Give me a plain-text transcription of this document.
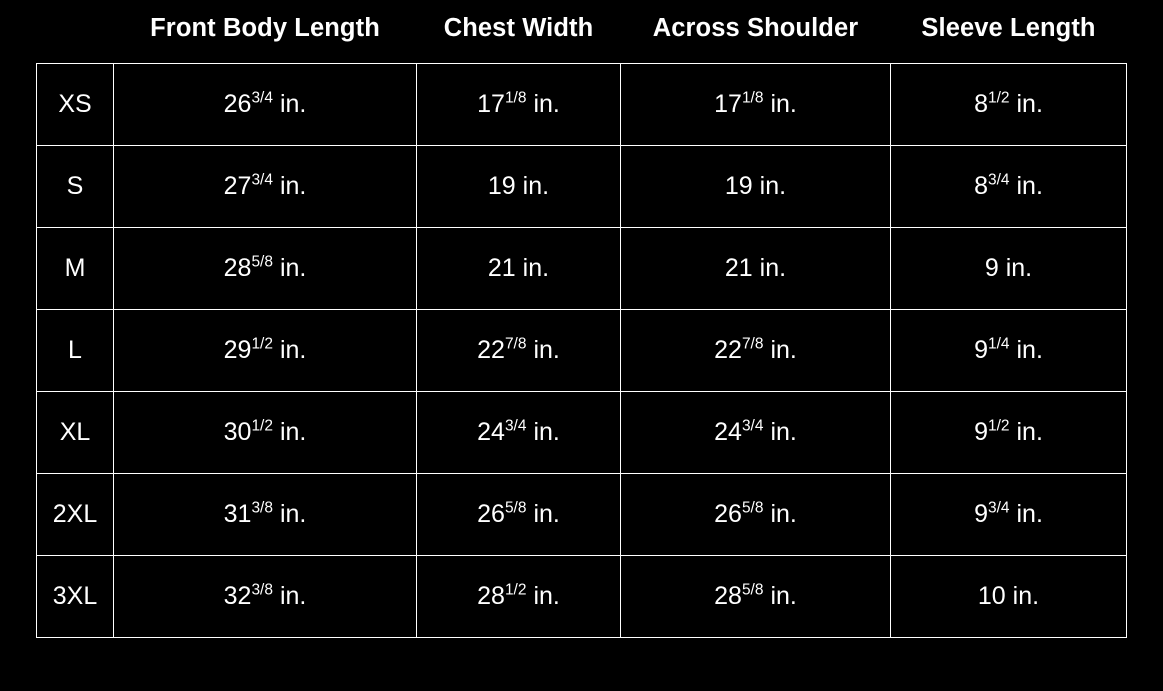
	Front Body Length	Chest Width	Across Shoulder	Sleeve Length
XS	$26^{3/4}$ in.	$17^{1/8}$ in.	$17^{1/8}$ in.	$8^{1/2}$ in.
S	$27^{3/4}$ in.	19 in.	19 in.	$8^{3/4}$ in.
M	$28^{5/8}$ in.	21 in.	21 in.	9 in.
L	$29^{1/2}$ in.	$22^{7/8}$ in.	$22^{7/8}$ in.	$9^{1/4}$ in.
XL	$30^{1/2}$ in.	$24^{3/4}$ in.	$24^{3/4}$ in.	$9^{1/2}$ in.
2XL	$31^{3/8}$ in.	$26^{5/8}$ in.	$26^{5/8}$ in.	$9^{3/4}$ in.
3XL	$32^{3/8}$ in.	$28^{1/2}$ in.	$28^{5/8}$ in.	10 in.
